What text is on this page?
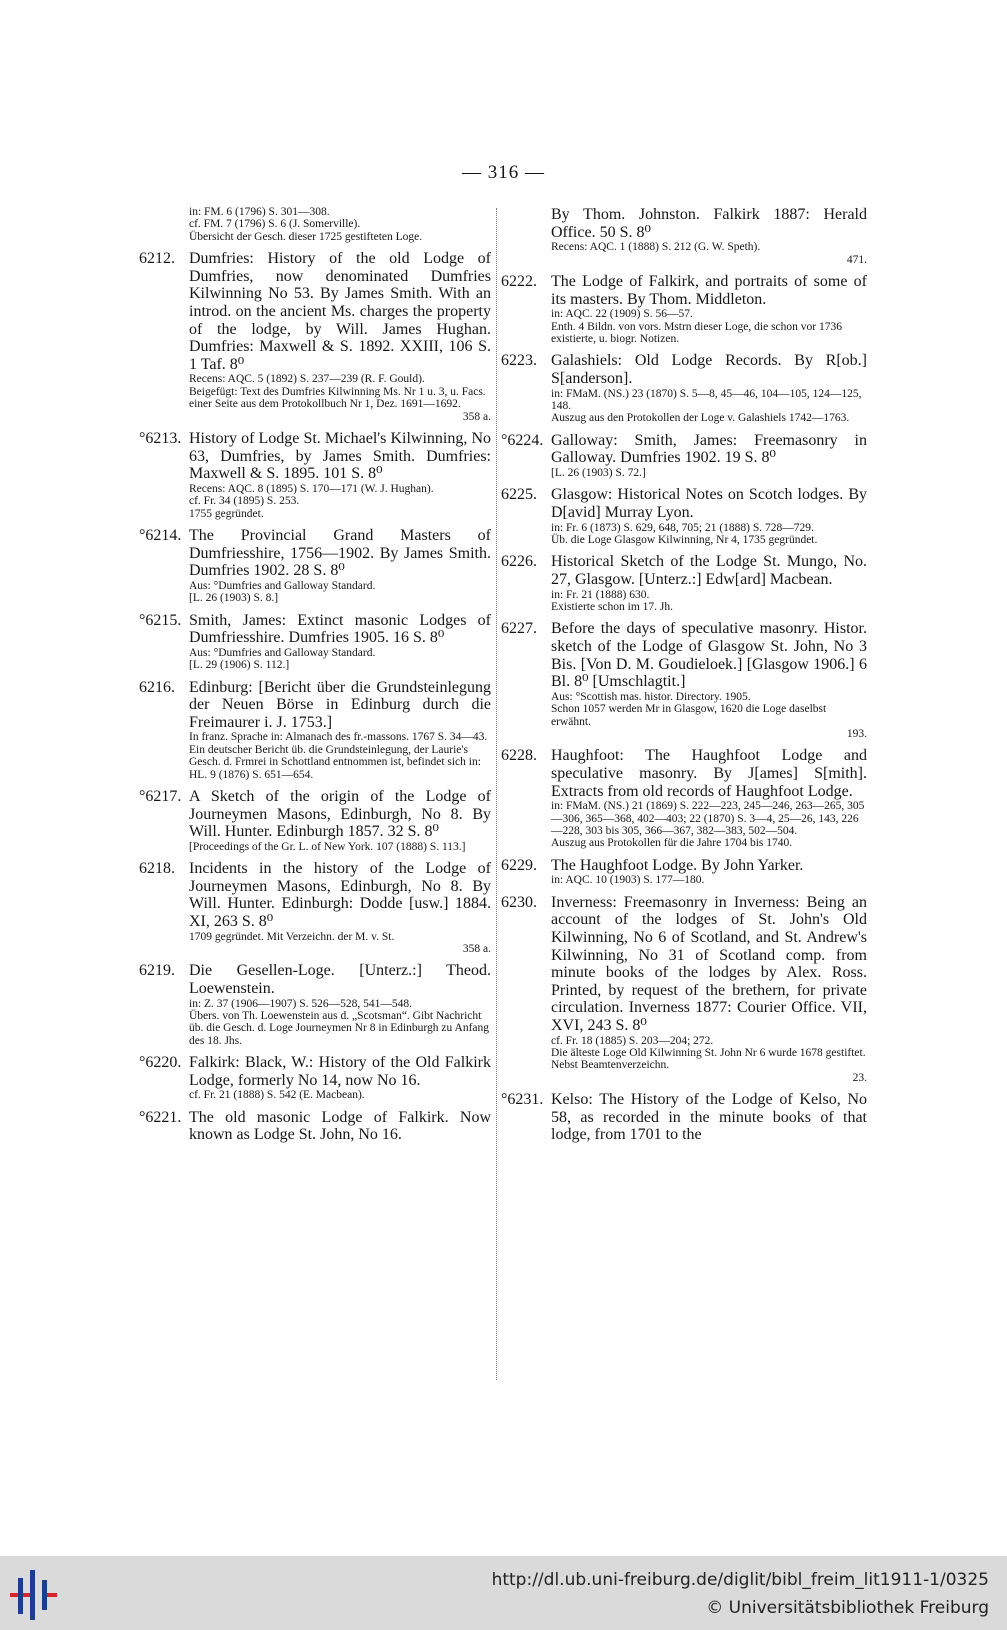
— 316 —
in: FM. 6 (1796) S. 301—308.
cf. FM. 7 (1796) S. 6 (J. Somerville).
Übersicht der Gesch. dieser 1725 gestifteten Loge.
6212. Dumfries: History of the old Lodge of Dumfries, now denominated Dumfries Kilwinning No 53. By James Smith. With an introd. on the ancient Ms. charges the property of the lodge, by Will. James Hughan. Dumfries: Maxwell & S. 1892. XXIII, 106 S. 1 Taf. 8⁰
Recens: AQC. 5 (1892) S. 237—239 (R. F. Gould).
Beigefügt: Text des Dumfries Kilwinning Ms. Nr 1 u. 3, u. Facs. einer Seite aus dem Protokollbuch Nr 1, Dez. 1691—1692.
358 a.
°6213. History of Lodge St. Michael's Kilwinning, No 63, Dumfries, by James Smith. Dumfries: Maxwell & S. 1895. 101 S. 8⁰
Recens: AQC. 8 (1895) S. 170—171 (W. J. Hughan).
cf. Fr. 34 (1895) S. 253.
1755 gegründet.
°6214. The Provincial Grand Masters of Dumfriesshire, 1756—1902. By James Smith. Dumfries 1902. 28 S. 8⁰
Aus: °Dumfries and Galloway Standard.
[L. 26 (1903) S. 8.]
°6215. Smith, James: Extinct masonic Lodges of Dumfriesshire. Dumfries 1905. 16 S. 8⁰
Aus: °Dumfries and Galloway Standard.
[L. 29 (1906) S. 112.]
6216. Edinburg: [Bericht über die Grundsteinlegung der Neuen Börse in Edinburg durch die Freimaurer i. J. 1753.]
In franz. Sprache in: Almanach des fr.-massons. 1767 S. 34—43.
Ein deutscher Bericht üb. die Grundsteinlegung, der Laurie's Gesch. d. Frmrei in Schottland entnommen ist, befindet sich in: HL. 9 (1876) S. 651—654.
°6217. A Sketch of the origin of the Lodge of Journeymen Masons, Edinburgh, No 8. By Will. Hunter. Edinburgh 1857. 32 S. 8⁰
[Proceedings of the Gr. L. of New York. 107 (1888) S. 113.]
6218. Incidents in the history of the Lodge of Journeymen Masons, Edinburgh, No 8. By Will. Hunter. Edinburgh: Dodde [usw.] 1884. XI, 263 S. 8⁰
1709 gegründet. Mit Verzeichn. der M. v. St.
358 a.
6219. Die Gesellen-Loge. [Unterz.:] Theod. Loewenstein.
in: Z. 37 (1906—1907) S. 526—528, 541—548.
Übers. von Th. Loewenstein aus d. „Scotsman“. Gibt Nachricht üb. die Gesch. d. Loge Journeymen Nr 8 in Edinburgh zu Anfang des 18. Jhs.
°6220. Falkirk: Black, W.: History of the Old Falkirk Lodge, formerly No 14, now No 16.
cf. Fr. 21 (1888) S. 542 (E. Macbean).
°6221. The old masonic Lodge of Falkirk. Now known as Lodge St. John, No 16.
By Thom. Johnston. Falkirk 1887: Herald Office. 50 S. 8⁰
Recens: AQC. 1 (1888) S. 212 (G. W. Speth).
471.
6222. The Lodge of Falkirk, and portraits of some of its masters. By Thom. Middleton.
in: AQC. 22 (1909) S. 56—57.
Enth. 4 Bildn. von vors. Mstrn dieser Loge, die schon vor 1736 existierte, u. biogr. Notizen.
6223. Galashiels: Old Lodge Records. By R[ob.] S[anderson].
in: FMaM. (NS.) 23 (1870) S. 5—8, 45—46, 104—105, 124—125, 148.
Auszug aus den Protokollen der Loge v. Galashiels 1742—1763.
°6224. Galloway: Smith, James: Freemasonry in Galloway. Dumfries 1902. 19 S. 8⁰
[L. 26 (1903) S. 72.]
6225. Glasgow: Historical Notes on Scotch lodges. By D[avid] Murray Lyon.
in: Fr. 6 (1873) S. 629, 648, 705; 21 (1888) S. 728—729.
Üb. die Loge Glasgow Kilwinning, Nr 4, 1735 gegründet.
6226. Historical Sketch of the Lodge St. Mungo, No. 27, Glasgow. [Unterz.:] Edw[ard] Macbean.
in: Fr. 21 (1888) 630.
Existierte schon im 17. Jh.
6227. Before the days of speculative masonry. Histor. sketch of the Lodge of Glasgow St. John, No 3 Bis. [Von D. M. Goudieloek.] [Glasgow 1906.] 6 Bl. 8⁰ [Umschlagtit.]
Aus: °Scottish mas. histor. Directory. 1905.
Schon 1057 werden Mr in Glasgow, 1620 die Loge daselbst erwähnt.
193.
6228. Haughfoot: The Haughfoot Lodge and speculative masonry. By J[ames] S[mith]. Extracts from old records of Haughfoot Lodge.
in: FMaM. (NS.) 21 (1869) S. 222—223, 245—246, 263—265, 305—306, 365—368, 402—403; 22 (1870) S. 3—4, 25—26, 143, 226—228, 303 bis 305, 366—367, 382—383, 502—504.
Auszug aus Protokollen für die Jahre 1704 bis 1740.
6229. The Haughfoot Lodge. By John Yarker.
in: AQC. 10 (1903) S. 177—180.
6230. Inverness: Freemasonry in Inverness: Being an account of the lodges of St. John's Old Kilwinning, No 6 of Scotland, and St. Andrew's Kilwinning, No 31 of Scotland comp. from minute books of the lodges by Alex. Ross. Printed, by request of the brethern, for private circulation. Inverness 1877: Courier Office. VII, XVI, 243 S. 8⁰
cf. Fr. 18 (1885) S. 203—204; 272.
Die älteste Loge Old Kilwinning St. John Nr 6 wurde 1678 gestiftet. Nebst Beamtenverzeichn.
23.
°6231. Kelso: The History of the Lodge of Kelso, No 58, as recorded in the minute books of that lodge, from 1701 to the
http://dl.ub.uni-freiburg.de/diglit/bibl_freim_lit1911-1/0325
© Universitätsbibliothek Freiburg
